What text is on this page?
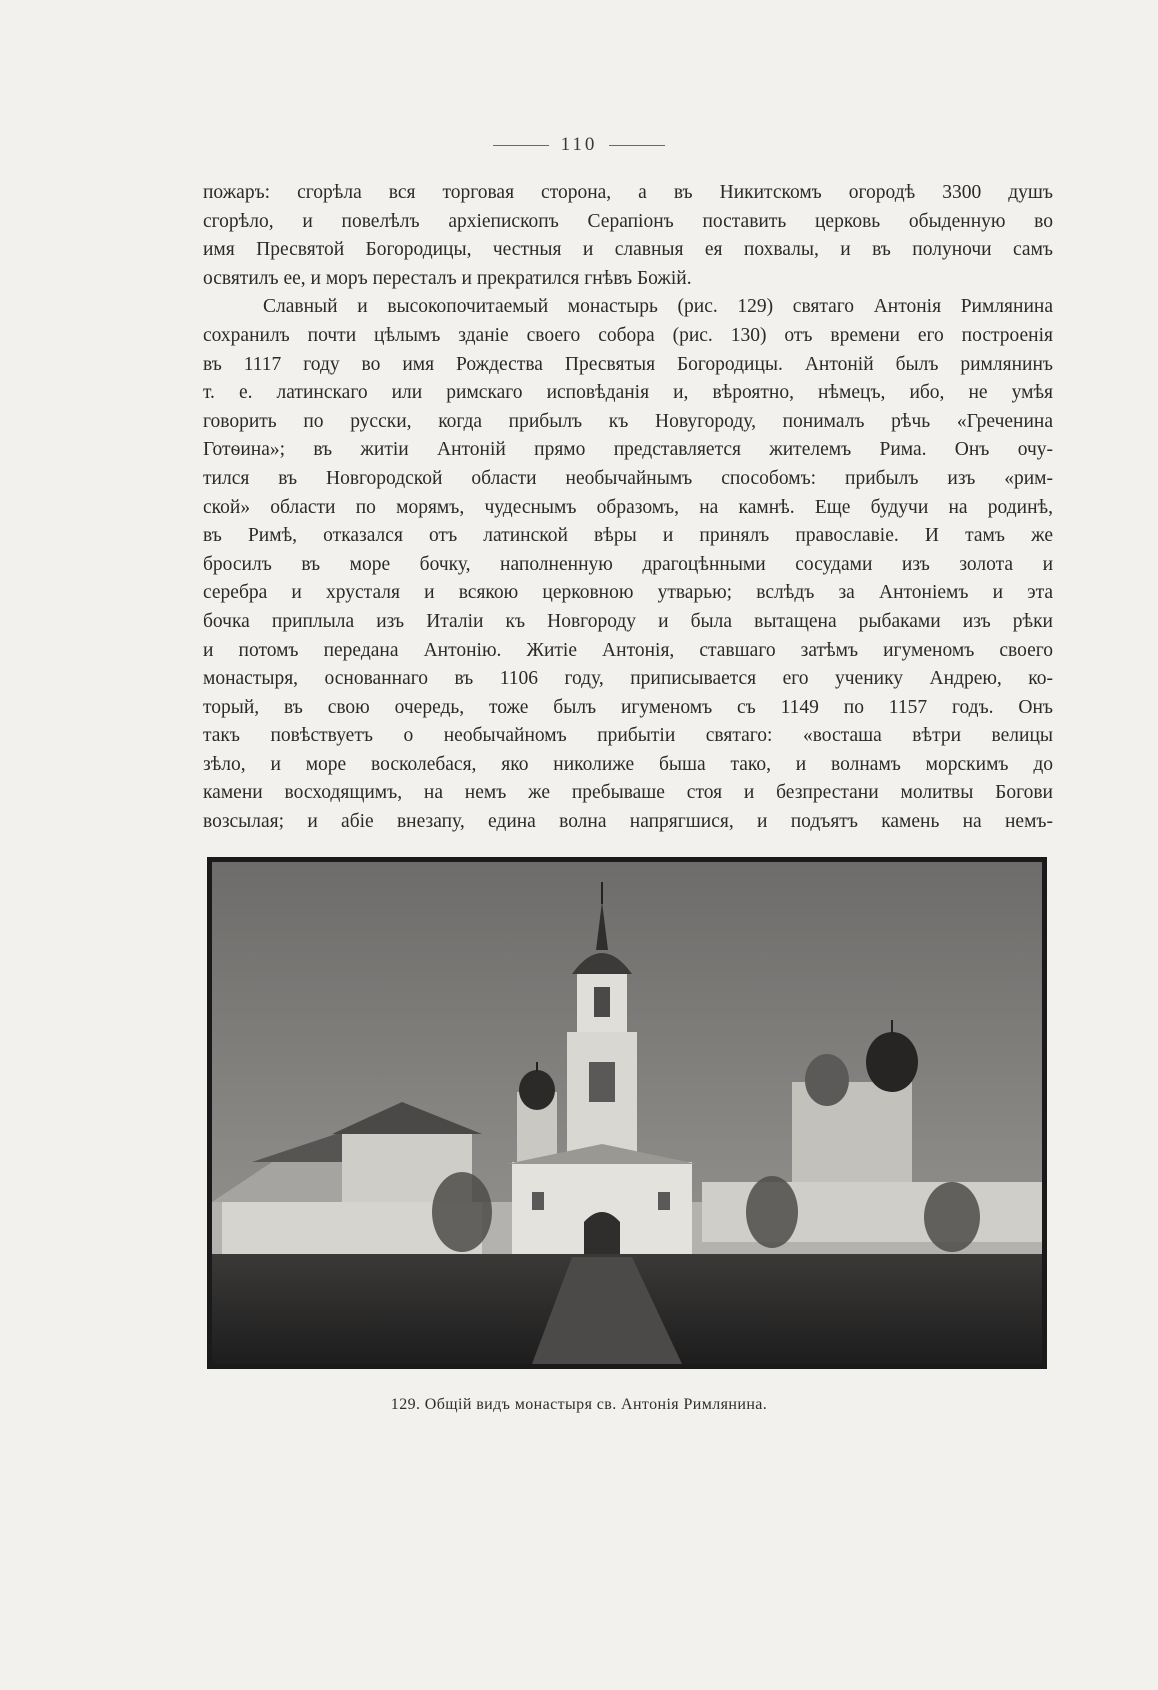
110
пожаръ: сгорѣла вся торговая сторона, а въ Никитскомъ огородѣ 3300 душъ
сгорѣло, и повелѣлъ архіепископъ Серапіонъ поставить церковь обыденную во
имя Пресвятой Богородицы, честныя и славныя ея похвалы, и въ полуночи самъ
освятилъ ее, и моръ пересталъ и прекратился гнѣвъ Божій.
Славный и высокопочитаемый монастырь (рис. 129) святаго Антонія Римлянина
сохранилъ почти цѣлымъ зданіе своего собора (рис. 130) отъ времени его построенія
въ 1117 году во имя Рождества Пресвятыя Богородицы. Антоній былъ римлянинъ
т. е. латинскаго или римскаго исповѣданія и, вѣроятно, нѣмецъ, ибо, не умѣя
говорить по русски, когда прибылъ къ Новугороду, понималъ рѣчь «Греченина
Готѳина»; въ житіи Антоній прямо представляется жителемъ Рима. Онъ очу-
тился въ Новгородской области необычайнымъ способомъ: прибылъ изъ «рим-
ской» области по морямъ, чудеснымъ образомъ, на камнѣ. Еще будучи на родинѣ,
въ Римѣ, отказался отъ латинской вѣры и принялъ православіе. И тамъ же
бросилъ въ море бочку, наполненную драгоцѣнными сосудами изъ золота и
серебра и хрусталя и всякою церковною утварью; вслѣдъ за Антоніемъ и эта
бочка приплыла изъ Италіи къ Новгороду и была вытащена рыбаками изъ рѣки
и потомъ передана Антонію. Житіе Антонія, ставшаго затѣмъ игуменомъ своего
монастыря, основаннаго въ 1106 году, приписывается его ученику Андрею, ко-
торый, въ свою очередь, тоже былъ игуменомъ съ 1149 по 1157 годъ. Онъ
такъ повѣствуетъ о необычайномъ прибытіи святаго: «восташа вѣтри велицы
зѣло, и море восколебася, яко николиже быша тако, и волнамъ морскимъ до
камени восходящимъ, на немъ же пребываше стоя и безпрестани молитвы Богови
возсылая; и абіе внезапу, едина волна напрягшися, и подъятъ камень на немъ-
129. Общій видъ монастыря св. Антонія Римлянина.
